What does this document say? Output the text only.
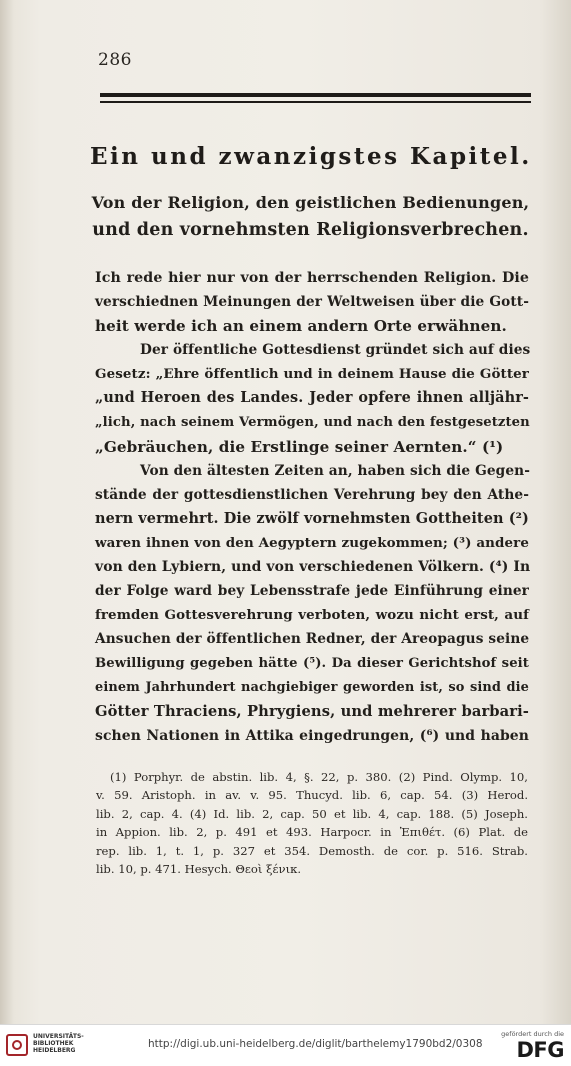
286
Ein und zwanzigstes Kapitel.
Von der Religion, den geistlichen Bedienungen,
und den vornehmsten Religionsverbrechen.
Ich rede hier nur von der herrschenden Religion. Die
verschiednen Meinungen der Weltweisen über die Gott-
heit werde ich an einem andern Orte erwähnen.
Der öffentliche Gottesdienst gründet sich auf dies
Gesetz: „Ehre öffentlich und in deinem Hause die Götter
„und Heroen des Landes. Jeder opfere ihnen alljähr-
„lich, nach seinem Vermögen, und nach den festgesetzten
„Gebräuchen, die Erstlinge seiner Aernten.“ (¹)
Von den ältesten Zeiten an, haben sich die Gegen-
stände der gottesdienstlichen Verehrung bey den Athe-
nern vermehrt. Die zwölf vornehmsten Gottheiten (²)
waren ihnen von den Aegyptern zugekommen; (³) andere
von den Lybiern, und von verschiedenen Völkern. (⁴) In
der Folge ward bey Lebensstrafe jede Einführung einer
fremden Gottesverehrung verboten, wozu nicht erst, auf
Ansuchen der öffentlichen Redner, der Areopagus seine
Bewilligung gegeben hätte (⁵). Da dieser Gerichtshof seit
einem Jahrhundert nachgiebiger geworden ist, so sind die
Götter Thraciens, Phrygiens, und mehrerer barbari-
schen Nationen in Attika eingedrungen, (⁶) und haben
(1) Porphyr. de abstin. lib. 4, §. 22, p. 380. (2) Pind. Olymp. 10,
v. 59. Aristoph. in av. v. 95. Thucyd. lib. 6, cap. 54. (3) Herod.
lib. 2, cap. 4. (4) Id. lib. 2, cap. 50 et lib. 4, cap. 188. (5) Joseph.
in Appion. lib. 2, p. 491 et 493. Harpocr. in Ἐπιθέτ. (6) Plat. de
rep. lib. 1, t. 1, p. 327 et 354. Demosth. de cor. p. 516. Strab.
lib. 10, p. 471. Hesych. Θεοὶ ξένικ.
UNIVERSITÄTS-
BIBLIOTHEK
HEIDELBERG
http://digi.ub.uni-heidelberg.de/diglit/barthelemy1790bd2/0308
gefördert durch die
DFG
